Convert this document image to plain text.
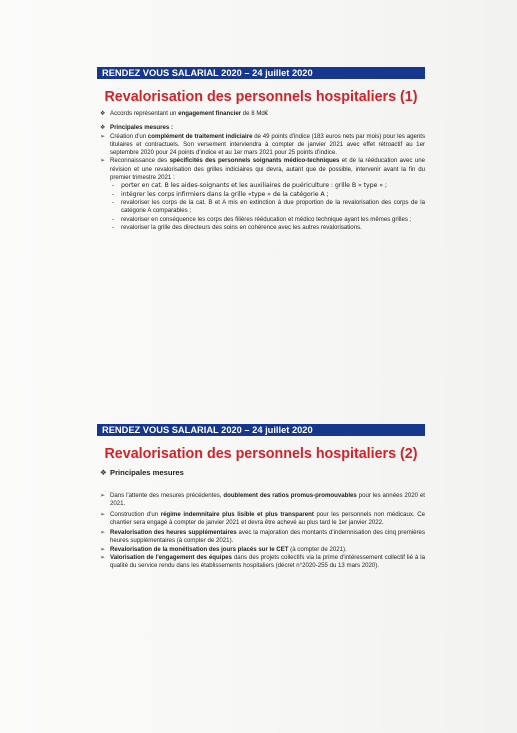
RENDEZ VOUS SALARIAL 2020 – 24 juillet 2020
Revalorisation des personnels hospitaliers (1)
❖ Accords représentant un engagement financier de 8 Md€
❖ Principales mesures :
➢ Création d'un complément de traitement indiciaire de 49 points d'indice (183 euros nets par mois) pour les agents titulaires et contractuels. Son versement interviendra à compter de janvier 2021 avec effet rétroactif au 1er septembre 2020 pour 24 points d'indice et au 1er mars 2021 pour 25 points d'indice.
➢ Reconnaissance des spécificités des personnels soignants médico-techniques et de la rééducation avec une révision et une revalorisation des grilles indiciaires qui devra, autant que de possible, intervenir avant la fin du premier trimestre 2021 :
- porter en cat. B les aides-soignants et les auxiliaires de puériculture : grille B « type » ;
- intégrer les corps infirmiers dans la grille «type » de la catégorie A ;
- revaloriser les corps de la cat. B et A mis en extinction à due proportion de la revalorisation des corps de la catégorie A comparables ;
- revaloriser en conséquence les corps des filières rééducation et médico technique ayant les mêmes grilles ;
- revaloriser la grille des directeurs des soins en cohérence avec les autres revalorisations.
RENDEZ VOUS SALARIAL 2020 – 24 juillet 2020
Revalorisation des personnels hospitaliers (2)
❖ Principales mesures
➢ Dans l'attente des mesures précédentes, doublement des ratios promus-promouvables pour les années 2020 et 2021.
➢ Construction d'un régime indemnitaire plus lisible et plus transparent pour les personnels non médicaux. Ce chantier sera engagé à compter de janvier 2021 et devra être achevé au plus tard le 1er janvier 2022.
➢ Revalorisation des heures supplémentaires avec la majoration des montants d'indemnisation des cinq premières heures supplémentaires (à compter de 2021).
➢ Revalorisation de la monétisation des jours placés sur le CET (à compter de 2021).
➢ Valorisation de l'engagement des équipes dans des projets collectifs via la prime d'intéressement collectif lié à la qualité du service rendu dans les établissements hospitaliers (décret n°2020-255 du 13 mars 2020).
